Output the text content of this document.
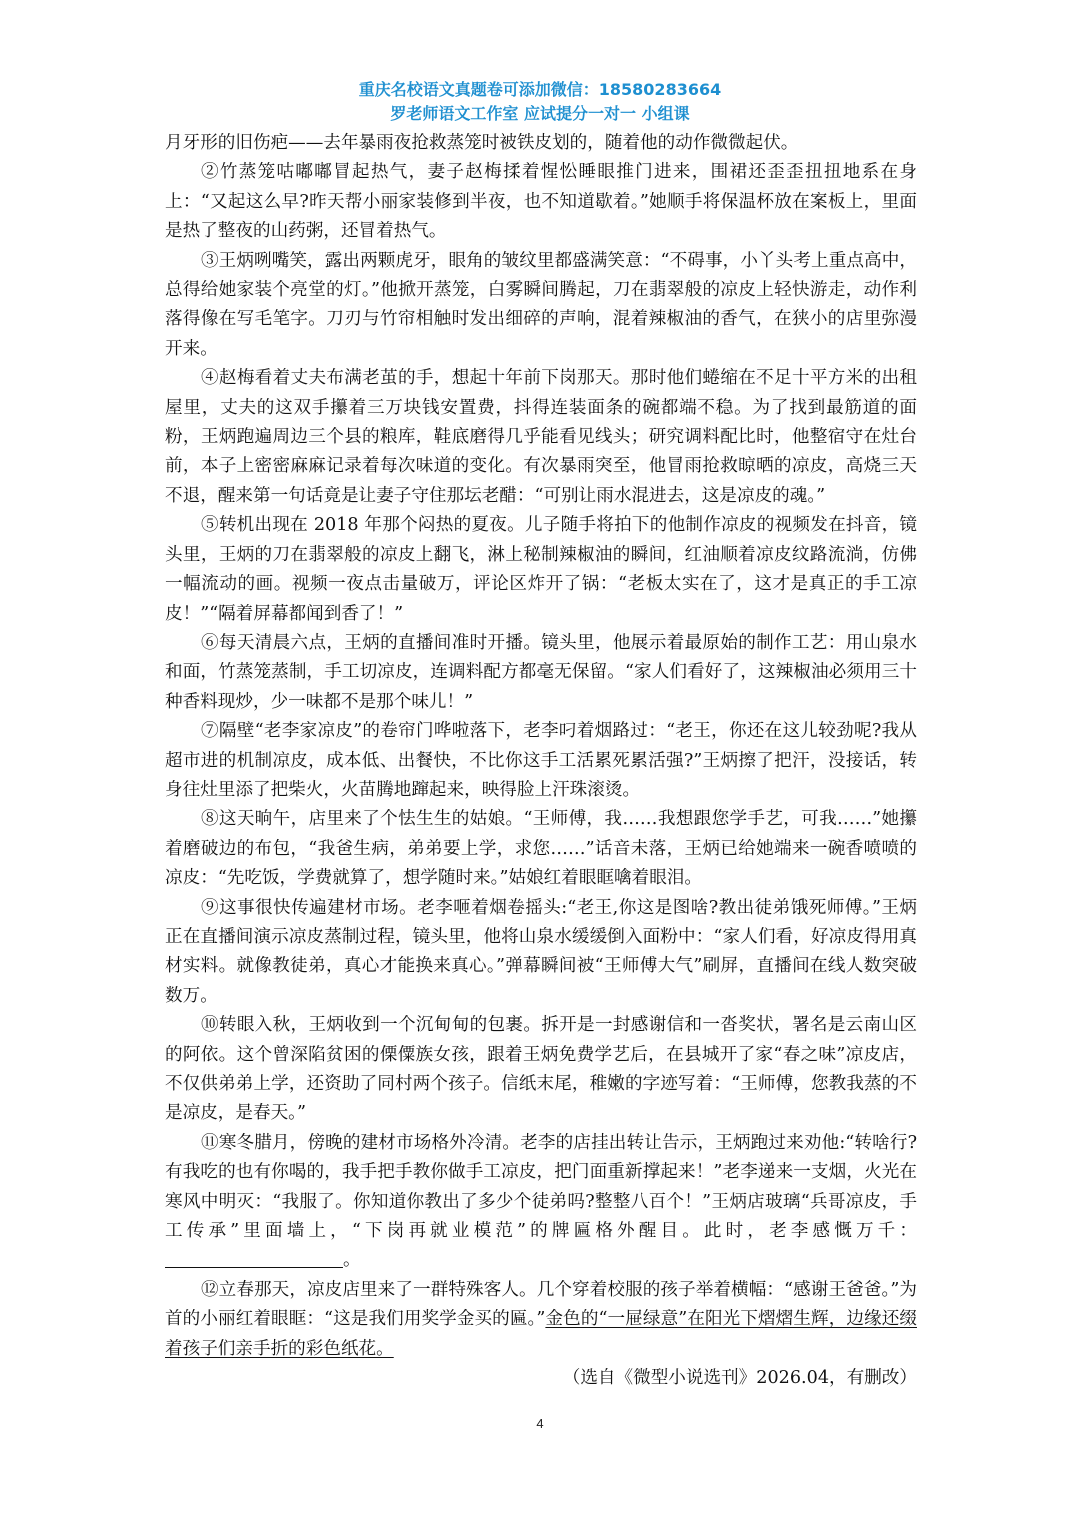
重庆名校语文真题卷可添加微信：18580283664
罗老师语文工作室 应试提分一对一 小组课

月牙形的旧伤疤——去年暴雨夜抢救蒸笼时被铁皮划的，随着他的动作微微起伏。

②竹蒸笼咕嘟嘟冒起热气，妻子赵梅揉着惺忪睡眼推门进来，围裙还歪歪扭扭地系在身上：“又起这么早?昨天帮小丽家装修到半夜，也不知道歇着。”她顺手将保温杯放在案板上，里面是热了整夜的山药粥，还冒着热气。

③王炳咧嘴笑，露出两颗虎牙，眼角的皱纹里都盛满笑意：“不碍事，小丫头考上重点高中，总得给她家装个亮堂的灯。”他掀开蒸笼，白雾瞬间腾起，刀在翡翠般的凉皮上轻快游走，动作利落得像在写毛笔字。刀刃与竹帘相触时发出细碎的声响，混着辣椒油的香气，在狭小的店里弥漫开来。

④赵梅看着丈夫布满老茧的手，想起十年前下岗那天。那时他们蜷缩在不足十平方米的出租屋里，丈夫的这双手攥着三万块钱安置费，抖得连装面条的碗都端不稳。为了找到最筋道的面粉，王炳跑遍周边三个县的粮库，鞋底磨得几乎能看见线头；研究调料配比时，他整宿守在灶台前，本子上密密麻麻记录着每次味道的变化。有次暴雨突至，他冒雨抢救晾晒的凉皮，高烧三天不退，醒来第一句话竟是让妻子守住那坛老醋：“可别让雨水混进去，这是凉皮的魂。”

⑤转机出现在 2018 年那个闷热的夏夜。儿子随手将拍下的他制作凉皮的视频发在抖音，镜头里，王炳的刀在翡翠般的凉皮上翻飞，淋上秘制辣椒油的瞬间，红油顺着凉皮纹路流淌，仿佛一幅流动的画。视频一夜点击量破万，评论区炸开了锅：“老板太实在了，这才是真正的手工凉皮！”“隔着屏幕都闻到香了！”

⑥每天清晨六点，王炳的直播间准时开播。镜头里，他展示着最原始的制作工艺：用山泉水和面，竹蒸笼蒸制，手工切凉皮，连调料配方都毫无保留。“家人们看好了，这辣椒油必须用三十种香料现炒，少一味都不是那个味儿！”

⑦隔壁“老李家凉皮”的卷帘门哗啦落下，老李叼着烟路过：“老王，你还在这儿较劲呢?我从超市进的机制凉皮，成本低、出餐快，不比你这手工活累死累活强?”王炳擦了把汗，没接话，转身往灶里添了把柴火，火苗腾地蹿起来，映得脸上汗珠滚烫。

⑧这天晌午，店里来了个怯生生的姑娘。“王师傅，我……我想跟您学手艺，可我……”她攥着磨破边的布包，“我爸生病，弟弟要上学，求您……”话音未落，王炳已给她端来一碗香喷喷的凉皮：“先吃饭，学费就算了，想学随时来。”姑娘红着眼眶噙着眼泪。

⑨这事很快传遍建材市场。老李咂着烟卷摇头:“老王,你这是图啥?教出徒弟饿死师傅。”王炳正在直播间演示凉皮蒸制过程，镜头里，他将山泉水缓缓倒入面粉中：“家人们看，好凉皮得用真材实料。就像教徒弟，真心才能换来真心。”弹幕瞬间被“王师傅大气”刷屏，直播间在线人数突破数万。

⑩转眼入秋，王炳收到一个沉甸甸的包裹。拆开是一封感谢信和一沓奖状，署名是云南山区的阿依。这个曾深陷贫困的傈僳族女孩，跟着王炳免费学艺后，在县城开了家“春之味”凉皮店，不仅供弟弟上学，还资助了同村两个孩子。信纸末尾，稚嫩的字迹写着：“王师傅，您教我蒸的不是凉皮，是春天。”

⑪寒冬腊月，傍晚的建材市场格外冷清。老李的店挂出转让告示，王炳跑过来劝他:“转啥行?有我吃的也有你喝的，我手把手教你做手工凉皮，把门面重新撑起来！”老李递来一支烟，火光在寒风中明灭：“我服了。你知道你教出了多少个徒弟吗?整整八百个！”王炳店玻璃“兵哥凉皮，手工传承”里面墙上，“下岗再就业模范”的牌匾格外醒目。此时，老李感慨万千：。

⑫立春那天，凉皮店里来了一群特殊客人。几个穿着校服的孩子举着横幅：“感谢王爸爸。”为首的小丽红着眼眶：“这是我们用奖学金买的匾。”金色的“一屉绿意”在阳光下熠熠生辉，边缘还缀着孩子们亲手折的彩色纸花。

（选自《微型小说选刊》2026.04，有删改）

4
